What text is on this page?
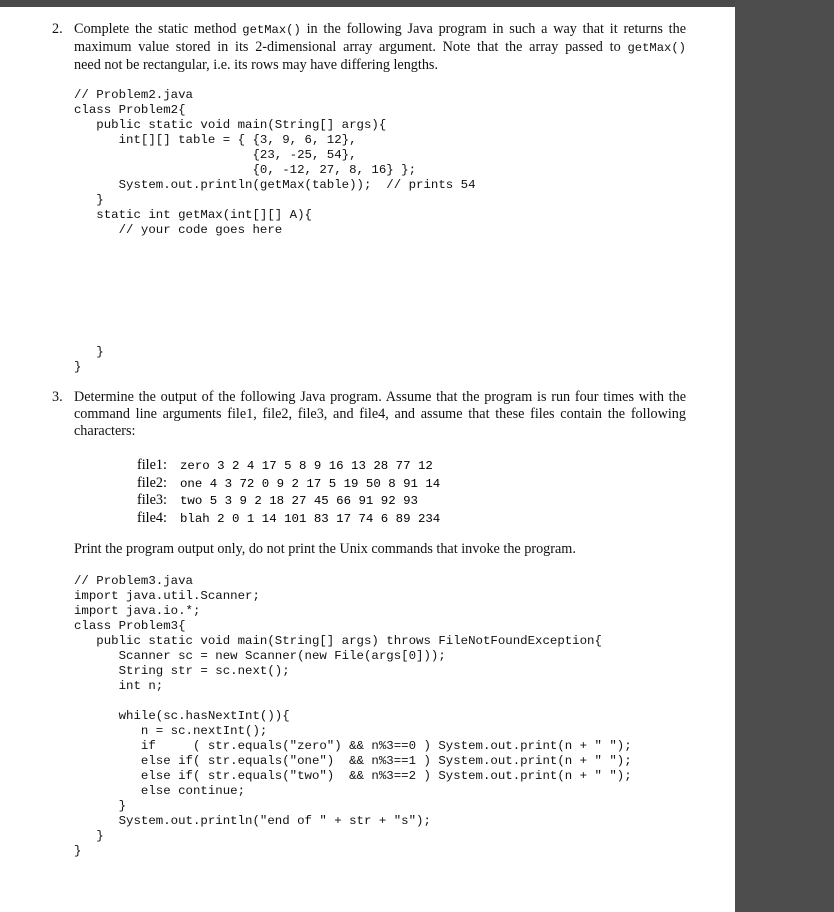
2. Complete the static method getMax() in the following Java program in such a way that it returns the
maximum value stored in its 2-dimensional array argument. Note that the array passed to getMax()
need not be rectangular, i.e. its rows may have differing lengths.
// Problem2.java
class Problem2{
public static void main(String[] args){
int[][] table = { {3, 9, 6, 12},
{23, -25, 54},
{0, -12, 27, 8, 16} };
System.out.println(getMax(table));  // prints 54
}
static int getMax(int[][] A){
// your code goes here
}
}
3. Determine the output of the following Java program. Assume that the program is run four times with the
command line arguments file1, file2, file3, and file4, and assume that these files contain the following
characters:
file1: zero 3 2 4 17 5 8 9 16 13 28 77 12
file2: one 4 3 72 0 9 2 17 5 19 50 8 91 14
file3: two 5 3 9 2 18 27 45 66 91 92 93
file4: blah 2 0 1 14 101 83 17 74 6 89 234
Print the program output only, do not print the Unix commands that invoke the program.
// Problem3.java
import java.util.Scanner;
import java.io.*;
class Problem3{
public static void main(String[] args) throws FileNotFoundException{
Scanner sc = new Scanner(new File(args[0]));
String str = sc.next();
int n;

while(sc.hasNextInt()){
n = sc.nextInt();
if     ( str.equals("zero") && n%3==0 ) System.out.print(n + " ");
else if( str.equals("one")  && n%3==1 ) System.out.print(n + " ");
else if( str.equals("two")  && n%3==2 ) System.out.print(n + " ");
else continue;
}
System.out.println("end of " + str + "s");
}
}
